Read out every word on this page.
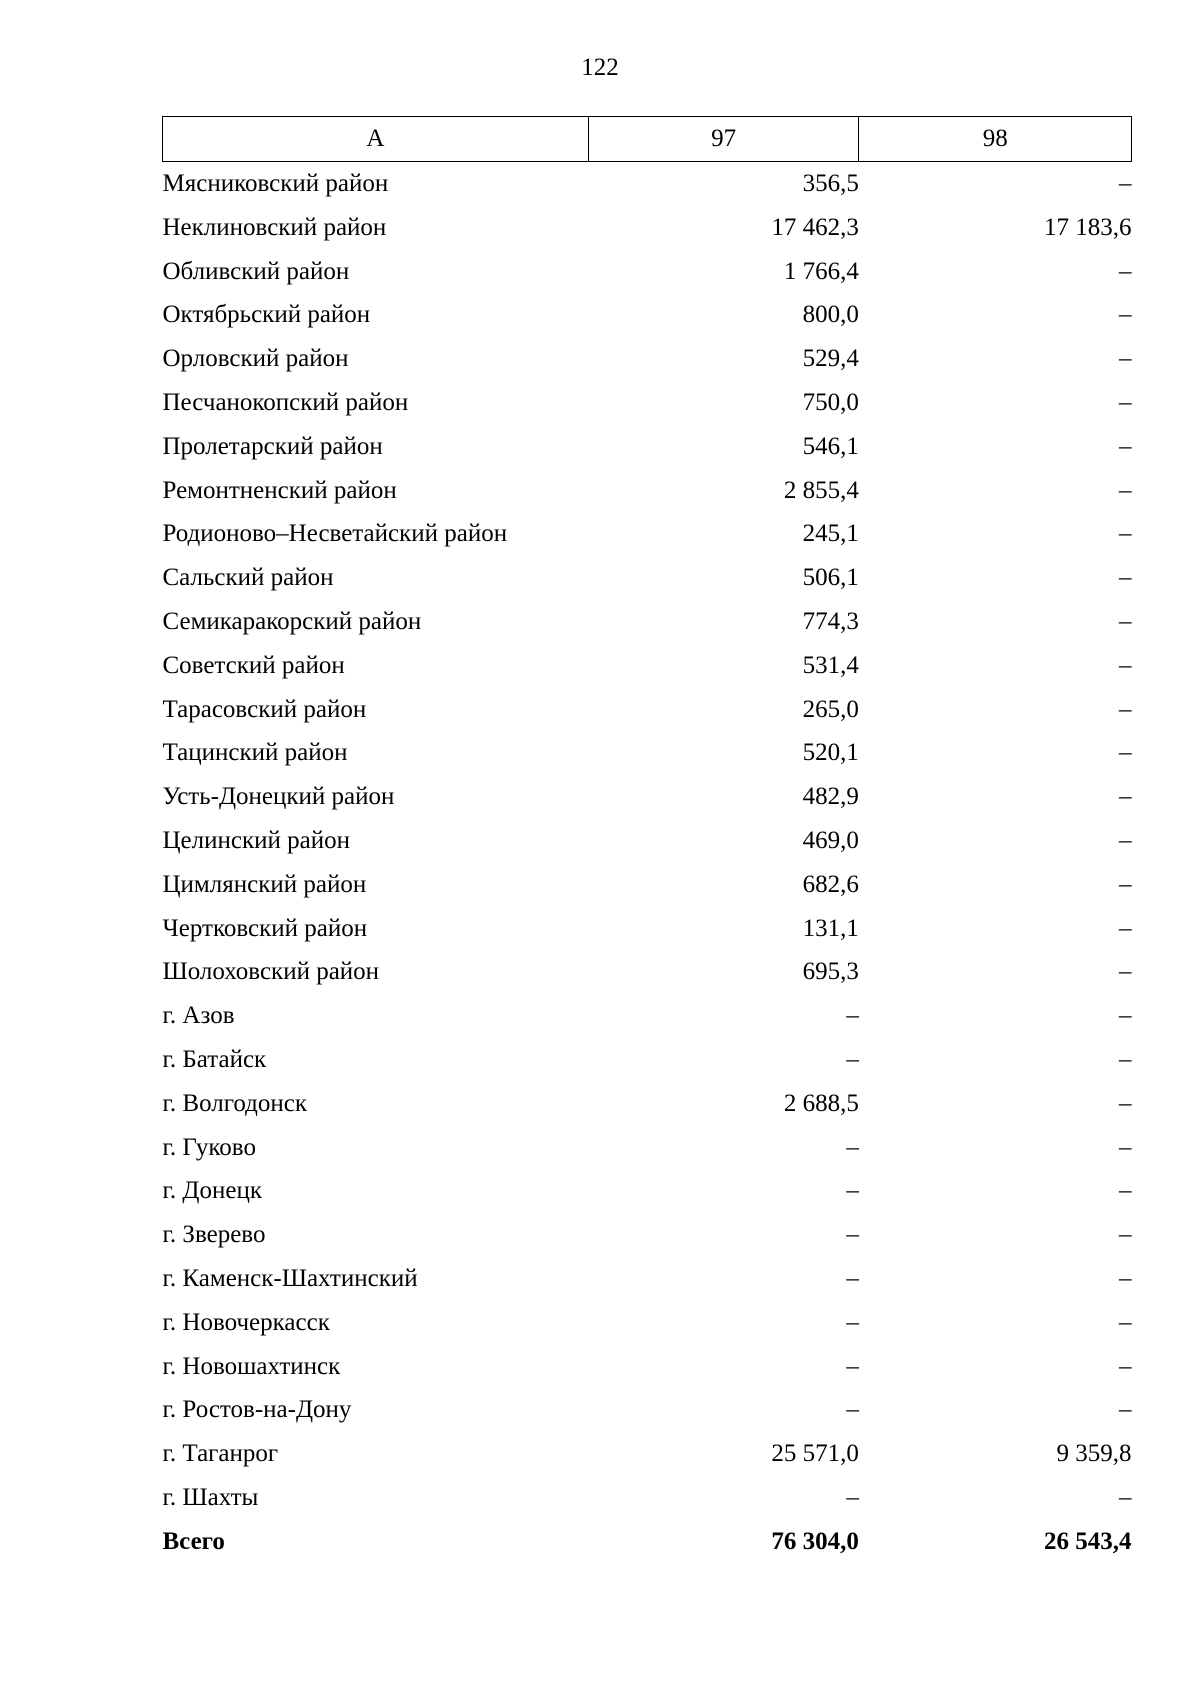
122
А	97	98
Мясниковский район	356,5	–
Неклиновский район	17 462,3	17 183,6
Обливский район	1 766,4	–
Октябрьский район	800,0	–
Орловский район	529,4	–
Песчанокопский район	750,0	–
Пролетарский район	546,1	–
Ремонтненский район	2 855,4	–
Родионово–Несветайский район	245,1	–
Сальский район	506,1	–
Семикаракорский район	774,3	–
Советский район	531,4	–
Тарасовский район	265,0	–
Тацинский район	520,1	–
Усть-Донецкий район	482,9	–
Целинский район	469,0	–
Цимлянский район	682,6	–
Чертковский район	131,1	–
Шолоховский район	695,3	–
г. Азов	–	–
г. Батайск	–	–
г. Волгодонск	2 688,5	–
г. Гуково	–	–
г. Донецк	–	–
г. Зверево	–	–
г. Каменск-Шахтинский	–	–
г. Новочеркасск	–	–
г. Новошахтинск	–	–
г. Ростов-на-Дону	–	–
г. Таганрог	25 571,0	9 359,8
г. Шахты	–	–
Всего	76 304,0	26 543,4
